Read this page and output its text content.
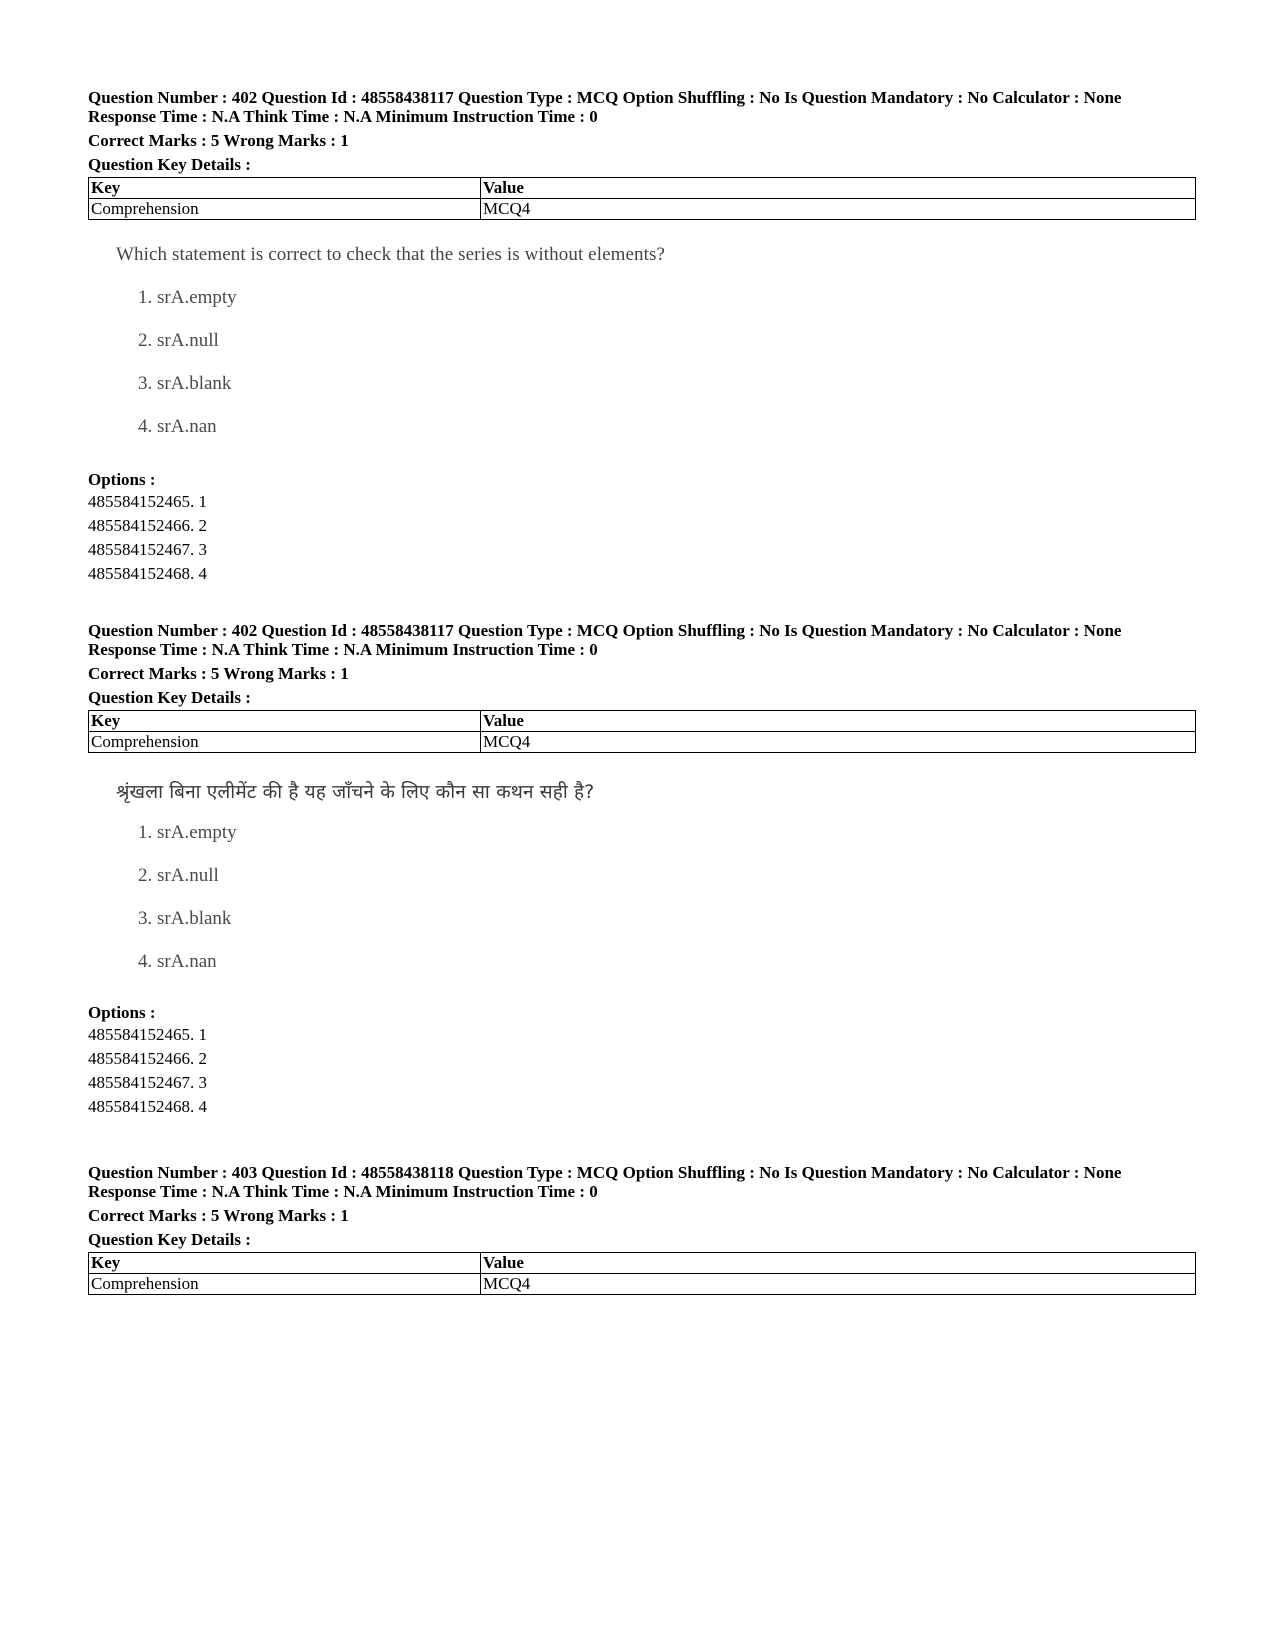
Question Number : 402 Question Id : 48558438117 Question Type : MCQ Option Shuffling : No Is Question Mandatory : No Calculator : None
Response Time : N.A Think Time : N.A Minimum Instruction Time : 0
Correct Marks : 5 Wrong Marks : 1
Question Key Details :
Key	Value
Comprehension	MCQ4
Which statement is correct to check that the series is without elements?
1. srA.empty
2. srA.null
3. srA.blank
4. srA.nan
Options :
485584152465. 1
485584152466. 2
485584152467. 3
485584152468. 4
Question Number : 402 Question Id : 48558438117 Question Type : MCQ Option Shuffling : No Is Question Mandatory : No Calculator : None
Response Time : N.A Think Time : N.A Minimum Instruction Time : 0
Correct Marks : 5 Wrong Marks : 1
Question Key Details :
Key	Value
Comprehension	MCQ4
श्रृंखला बिना एलीमेंट की है यह जाँचने के लिए कौन सा कथन सही है?
1. srA.empty
2. srA.null
3. srA.blank
4. srA.nan
Options :
485584152465. 1
485584152466. 2
485584152467. 3
485584152468. 4
Question Number : 403 Question Id : 48558438118 Question Type : MCQ Option Shuffling : No Is Question Mandatory : No Calculator : None
Response Time : N.A Think Time : N.A Minimum Instruction Time : 0
Correct Marks : 5 Wrong Marks : 1
Question Key Details :
Key	Value
Comprehension	MCQ4
